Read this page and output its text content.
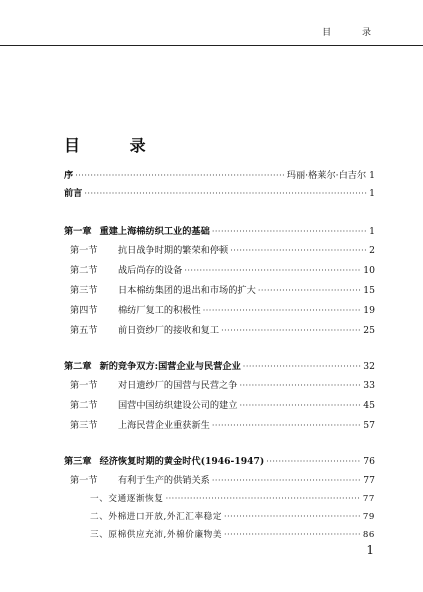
目 录
目 录
序 ·····	玛丽·格莱尔·白吉尔 1
前言 ·····	1
第一章 重建上海棉纺织工业的基础 ·····	1
第一节	抗日战争时期的繁荣和停顿 ·····	2
第二节	战后尚存的设备 ·····	10
第三节	日本棉纺集团的退出和市场的扩大 ·····	15
第四节	棉纺厂复工的积极性 ·····	19
第五节	前日资纱厂的接收和复工 ·····	25
第二章 新的竞争双方:国营企业与民营企业 ·····	32
第一节	对日遗纱厂的国营与民营之争 ·····	33
第二节	国营中国纺织建设公司的建立 ·····	45
第三节	上海民营企业重获新生 ·····	57
第三章 经济恢复时期的黄金时代(1946-1947) ·····	76
第一节	有利于生产的供销关系 ·····	77
一、交通逐渐恢复 ·····	77
二、外棉进口开放,外汇汇率稳定 ·····	79
三、原棉供应充沛,外棉价廉物美 ·····	86
1
